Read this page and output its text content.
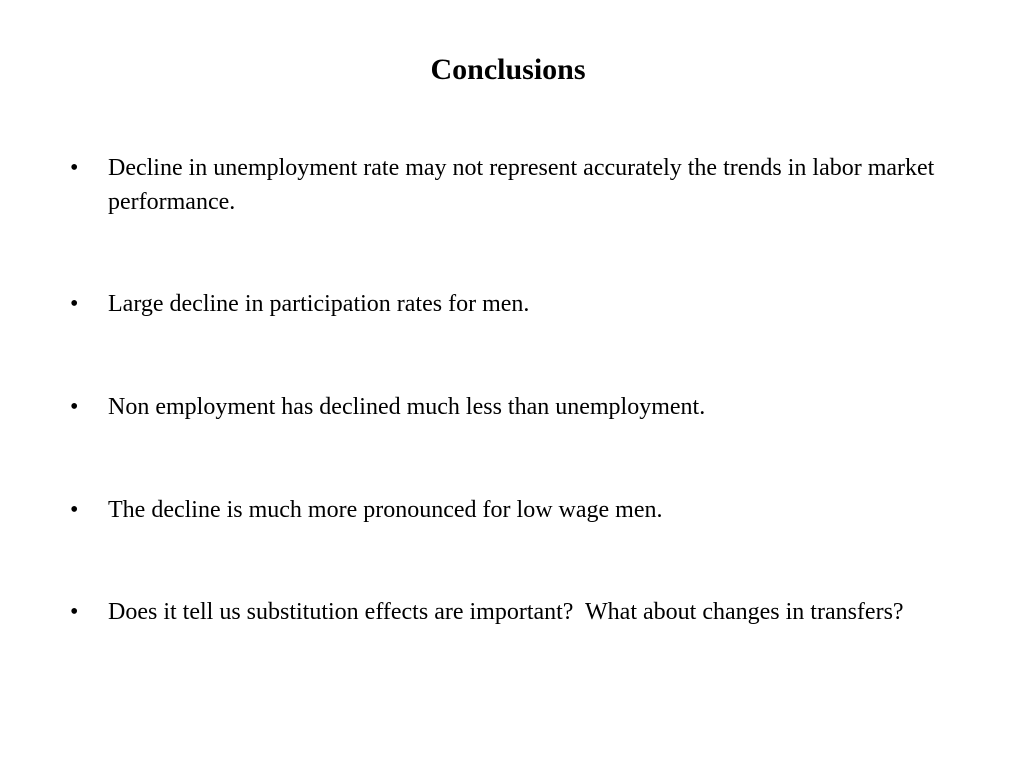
Conclusions
•	Decline in unemployment rate may not represent accurately the trends in labor market performance.
•	Large decline in participation rates for men.
•	Non employment has declined much less than unemployment.
•	The decline is much more pronounced for low wage men.
•	Does it tell us substitution effects are important?  What about changes in transfers?
